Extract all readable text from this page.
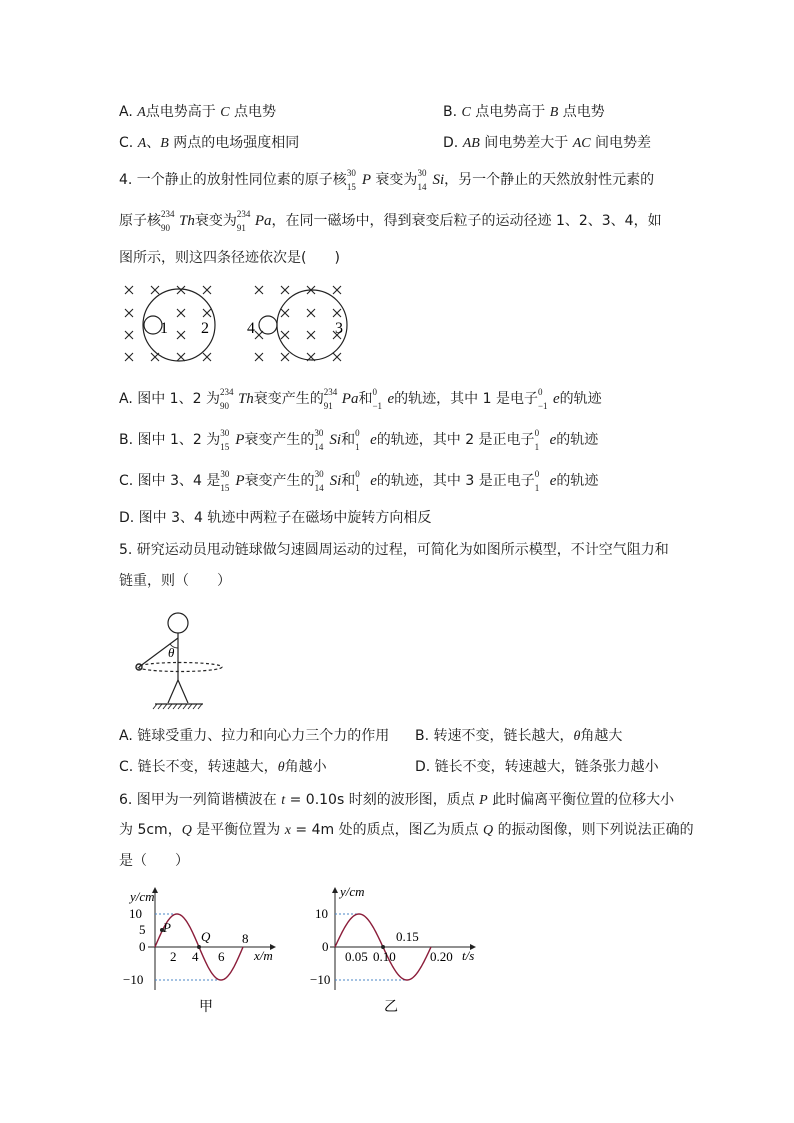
A. A点电势高于 C 点电势	B. C 点电势高于 B 点电势
C. A、B 两点的电场强度相同	D. AB 间电势差大于 AC 间电势差
4. 一个静止的放射性同位素的原子核 30
15 P 衰变为 30
14 Si，另一个静止的天然放射性元素的
原子核 234
90 Th衰变为 234
91 Pa，在同一磁场中，得到衰变后粒子的运动径迹 1、2、3、4，如
图所示，则这四条径迹依次是(　　)
1 2 4	3
A. 图中 1、2 为 234
90 Th衰变产生的 234
91 Pa和 0
−1 e的轨迹，其中 1 是电子 0
−1 e的轨迹
B. 图中 1、2 为 30
15 P衰变产生的 30
14 Si和 0
1 e的轨迹，其中 2 是正电子 0
1 e的轨迹
C. 图中 3、4 是 30
15 P衰变产生的 30
14 Si和 0
1 e的轨迹，其中 3 是正电子 0
1 e的轨迹
D. 图中 3、4 轨迹中两粒子在磁场中旋转方向相反
5. 研究运动员甩动链球做匀速圆周运动的过程，可简化为如图所示模型，不计空气阻力和
链重，则（　　）
θ
A. 链球受重力、拉力和向心力三个力的作用 B. 转速不变，链长越大，θ角越大
C. 链长不变，转速越大，θ角越小	D. 链长不变，转速越大，链条张力越小
6. 图甲为一列简谐横波在 t = 0.10s 时刻的波形图，质点 P 此时偏离平衡位置的位移大小
为 5cm，Q 是平衡位置为 x = 4m 处的质点，图乙为质点 Q 的振动图像，则下列说法正确的
是（　　）
y/cm
x/m
10
5
0
−10
2 4 6
8
P
Q
甲
y/cm
t/s
10
0
−10
0.05 0.10
0.15
0.20
乙
